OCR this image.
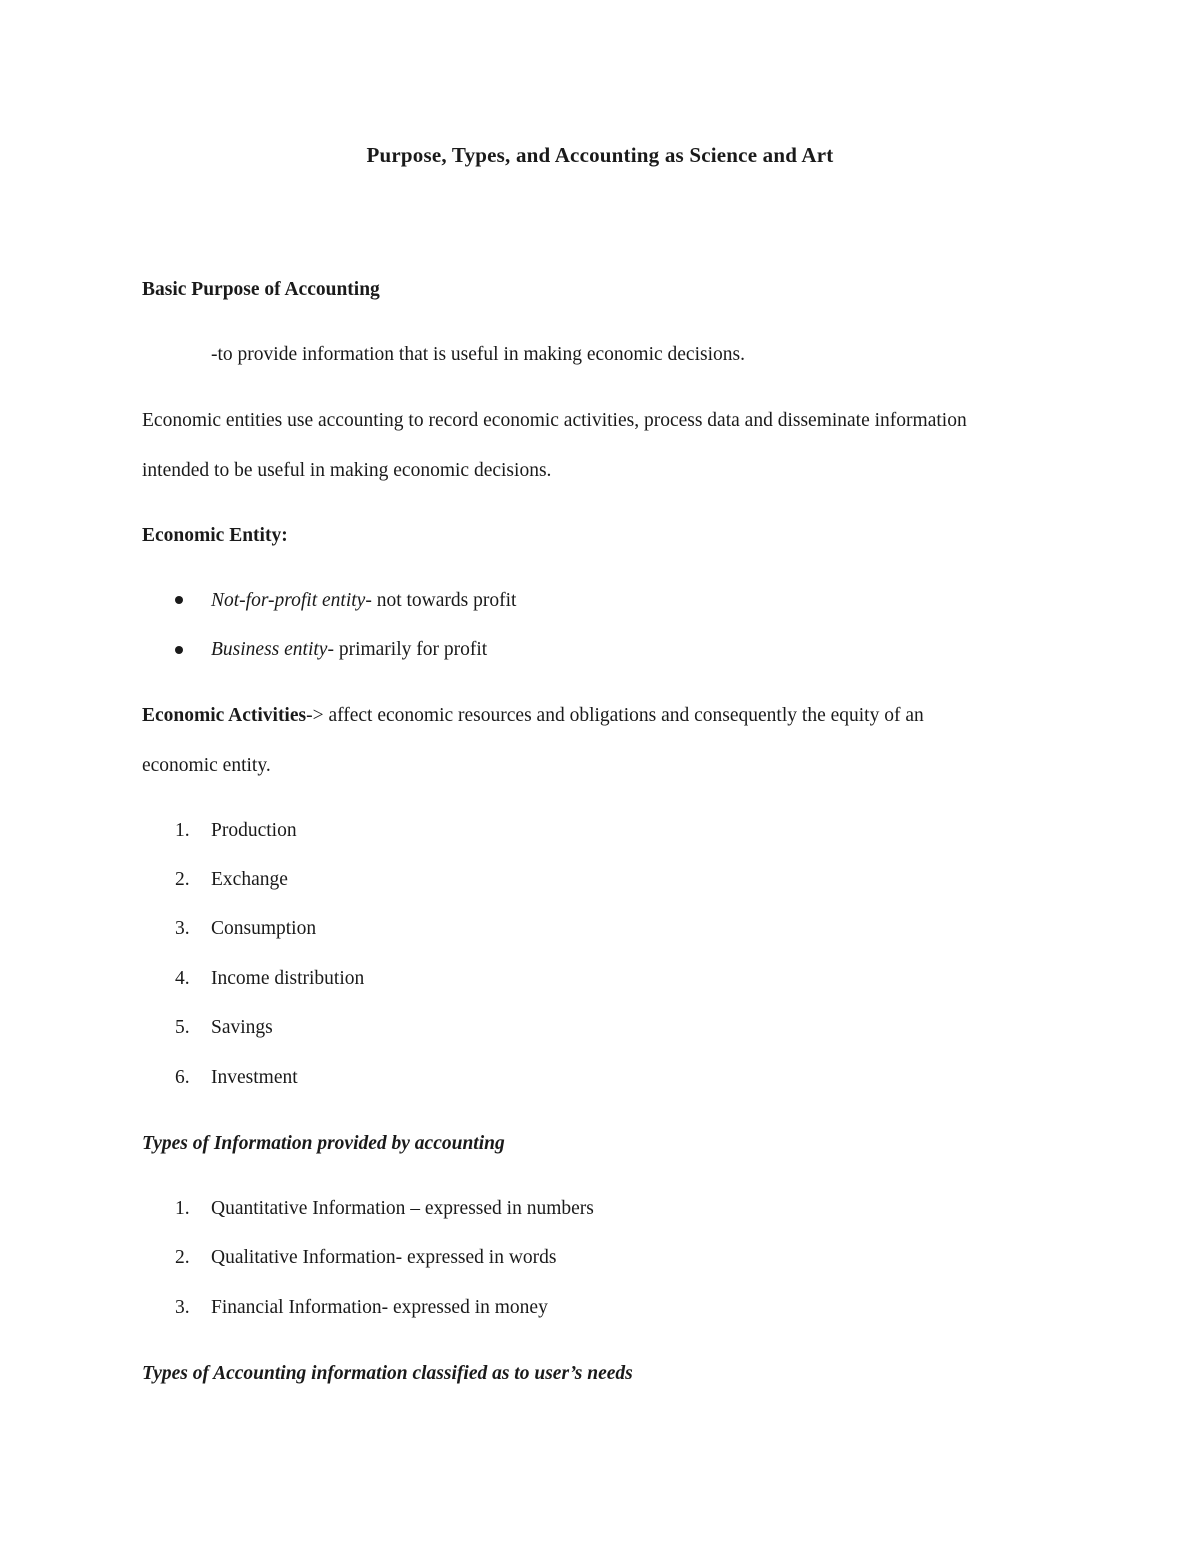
Purpose, Types, and Accounting as Science and Art
Basic Purpose of Accounting
-to provide information that is useful in making economic decisions.
Economic entities use accounting to record economic activities, process data and disseminate information
intended to be useful in making economic decisions.
Economic Entity:
Not-for-profit entity- not towards profit
Business entity- primarily for profit
Economic Activities-> affect economic resources and obligations and consequently the equity of an
economic entity.
1. Production
2. Exchange
3. Consumption
4. Income distribution
5. Savings
6. Investment
Types of Information provided by accounting
1. Quantitative Information – expressed in numbers
2. Qualitative Information- expressed in words
3. Financial Information- expressed in money
Types of Accounting information classified as to user’s needs
